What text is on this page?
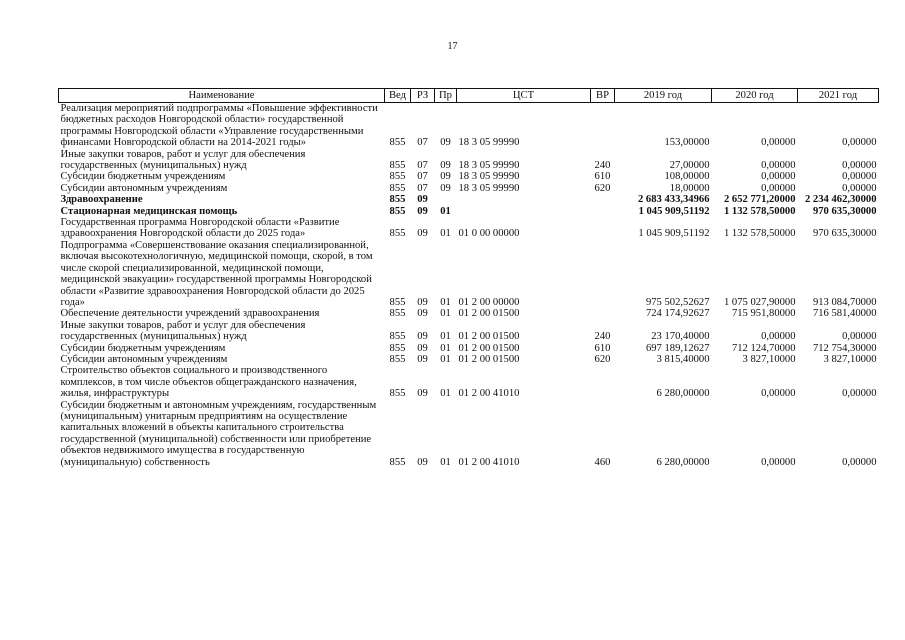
17
Наименование	Вед	РЗ	Пр	ЦСТ	ВР	2019 год	2020 год	2021 год
Реализация мероприятий подпрограммы «Повышение эффективности бюджетных расходов Новгородской области» государственной программы Новгородской области «Управление государственными финансами Новгородской области на 2014-2021 годы»	855	07	09	18 3 05 99990		153,00000	0,00000	0,00000
Иные закупки товаров, работ и услуг для обеспечения государственных (муниципальных) нужд	855	07	09	18 3 05 99990	240	27,00000	0,00000	0,00000
Субсидии бюджетным учреждениям	855	07	09	18 3 05 99990	610	108,00000	0,00000	0,00000
Субсидии автономным учреждениям	855	07	09	18 3 05 99990	620	18,00000	0,00000	0,00000
Здравоохранение	855	09				2 683 433,34966	2 652 771,20000	2 234 462,30000
Стационарная медицинская помощь	855	09	01			1 045 909,51192	1 132 578,50000	970 635,30000
Государственная программа Новгородской области «Развитие здравоохранения Новгородской области до 2025 года»	855	09	01	01 0 00 00000		1 045 909,51192	1 132 578,50000	970 635,30000
Подпрограмма «Совершенствование оказания специализированной, включая высокотехнологичную, медицинской помощи, скорой, в том числе скорой специализированной, медицинской помощи, медицинской эвакуации» государственной программы Новгородской области «Развитие здравоохранения Новгородской области до 2025 года»	855	09	01	01 2 00 00000		975 502,52627	1 075 027,90000	913 084,70000
Обеспечение деятельности учреждений здравоохранения	855	09	01	01 2 00 01500		724 174,92627	715 951,80000	716 581,40000
Иные закупки товаров, работ и услуг для обеспечения государственных (муниципальных) нужд	855	09	01	01 2 00 01500	240	23 170,40000	0,00000	0,00000
Субсидии бюджетным учреждениям	855	09	01	01 2 00 01500	610	697 189,12627	712 124,70000	712 754,30000
Субсидии автономным учреждениям	855	09	01	01 2 00 01500	620	3 815,40000	3 827,10000	3 827,10000
Строительство объектов социального и производственного комплексов, в том числе объектов общегражданского назначения, жилья, инфраструктуры	855	09	01	01 2 00 41010		6 280,00000	0,00000	0,00000
Субсидии бюджетным и автономным учреждениям, государственным (муниципальным) унитарным предприятиям на осуществление капитальных вложений в объекты капитального строительства государственной (муниципальной) собственности или приобретение объектов недвижимого имущества в государственную (муниципальную) собственность	855	09	01	01 2 00 41010	460	6 280,00000	0,00000	0,00000
